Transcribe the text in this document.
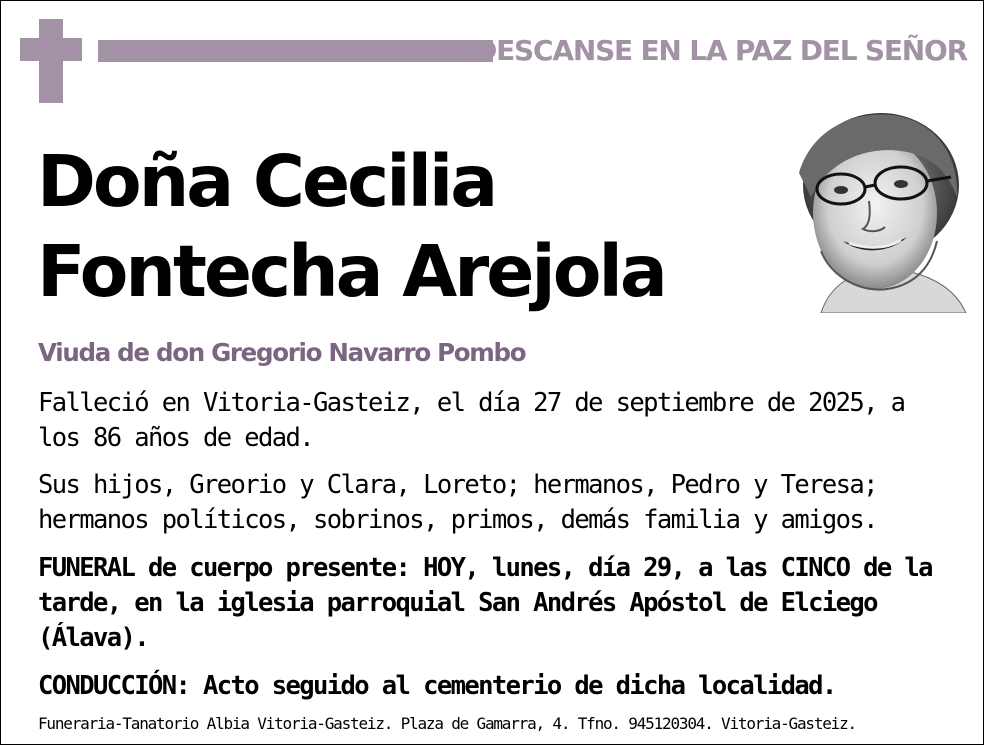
DESCANSE EN LA PAZ DEL SEÑOR
Doña Cecilia
Fontecha Arejola
Viuda de don Gregorio Navarro Pombo

Falleció en Vitoria-Gasteiz, el día 27 de septiembre de 2025, a los 86 años de edad.

Sus hijos, Greorio y Clara, Loreto; hermanos, Pedro y Teresa; hermanos políticos, sobrinos, primos, demás familia y amigos.

FUNERAL de cuerpo presente: HOY, lunes, día 29, a las CINCO de la tarde, en la iglesia parroquial San Andrés Apóstol de Elciego (Álava).

CONDUCCIÓN: Acto seguido al cementerio de dicha localidad.

Funeraria-Tanatorio Albia Vitoria-Gasteiz. Plaza de Gamarra, 4. Tfno. 945120304. Vitoria-Gasteiz.
